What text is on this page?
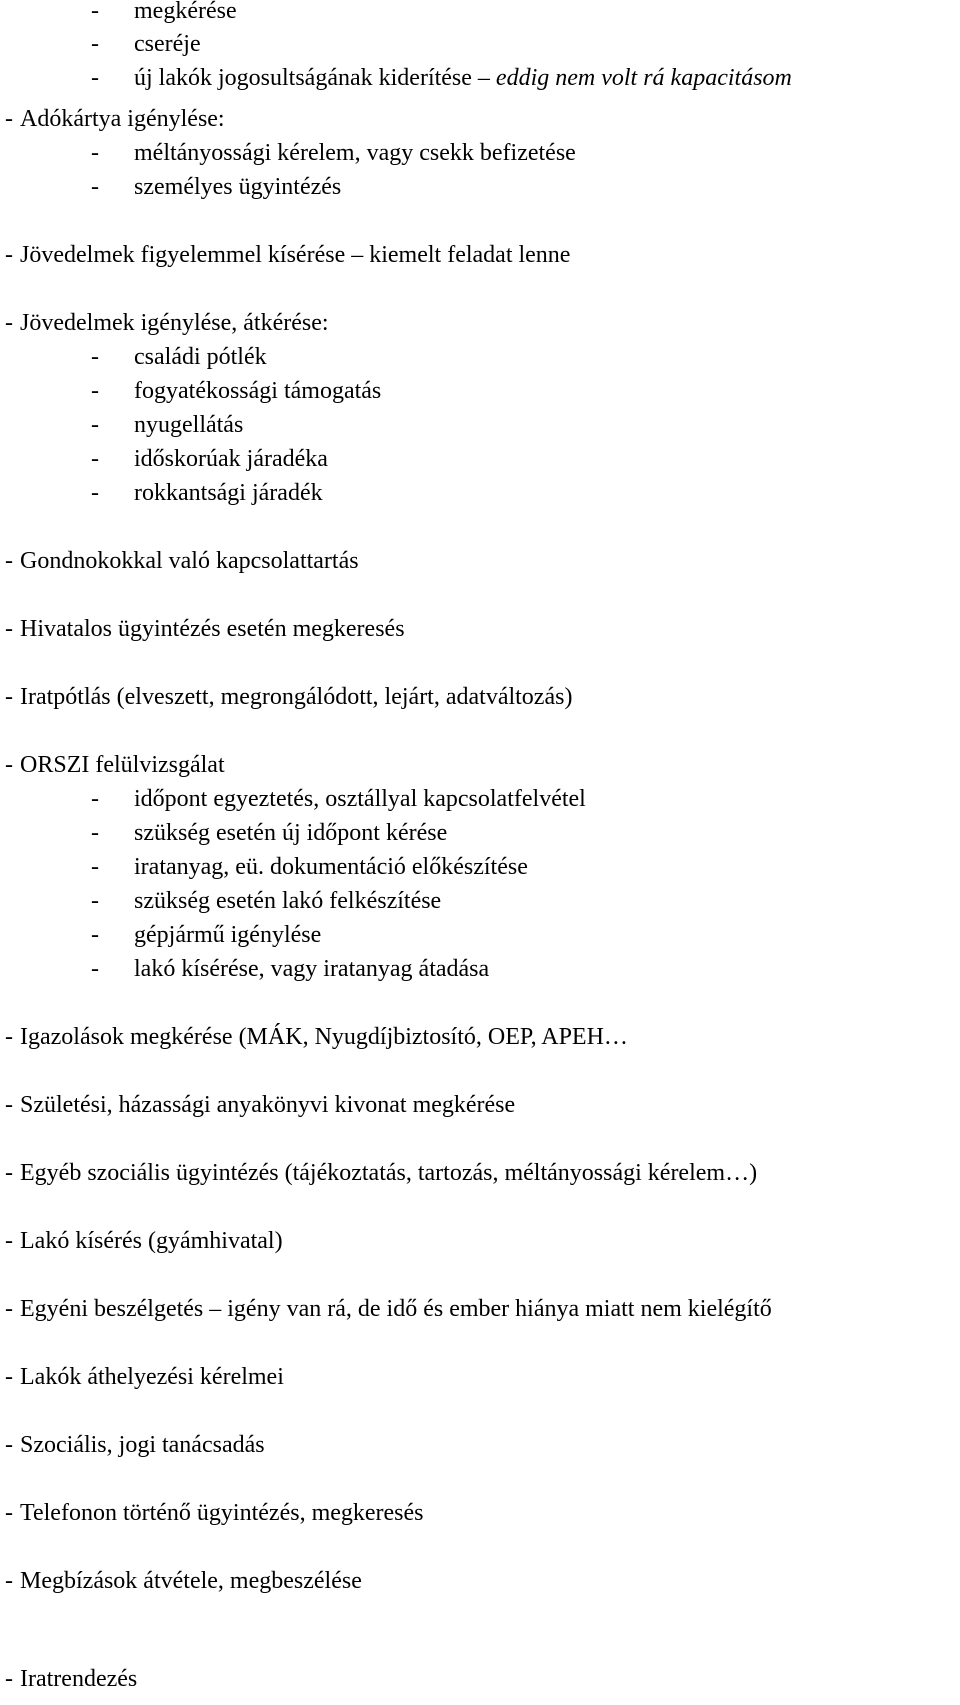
- megkérése
- cseréje
- új lakók jogosultságának kiderítése – eddig nem volt rá kapacitásom
- Adókártya igénylése:
- méltányossági kérelem, vagy csekk befizetése
- személyes ügyintézés
- Jövedelmek figyelemmel kísérése – kiemelt feladat lenne
- Jövedelmek igénylése, átkérése:
- családi pótlék
- fogyatékossági támogatás
- nyugellátás
- időskorúak járadéka
- rokkantsági járadék
- Gondnokokkal való kapcsolattartás
- Hivatalos ügyintézés esetén megkeresés
- Iratpótlás (elveszett, megrongálódott, lejárt, adatváltozás)
- ORSZI felülvizsgálat
- időpont egyeztetés, osztállyal kapcsolatfelvétel
- szükség esetén új időpont kérése
- iratanyag, eü. dokumentáció előkészítése
- szükség esetén lakó felkészítése
- gépjármű igénylése
- lakó kísérése, vagy iratanyag átadása
- Igazolások megkérése (MÁK, Nyugdíjbiztosító, OEP, APEH…
- Születési, házassági anyakönyvi kivonat megkérése
- Egyéb szociális ügyintézés (tájékoztatás, tartozás, méltányossági kérelem…)
- Lakó kísérés (gyámhivatal)
- Egyéni beszélgetés – igény van rá, de idő és ember hiánya miatt nem kielégítő
- Lakók áthelyezési kérelmei
- Szociális, jogi tanácsadás
- Telefonon történő ügyintézés, megkeresés
- Megbízások átvétele, megbeszélése
- Iratrendezés
